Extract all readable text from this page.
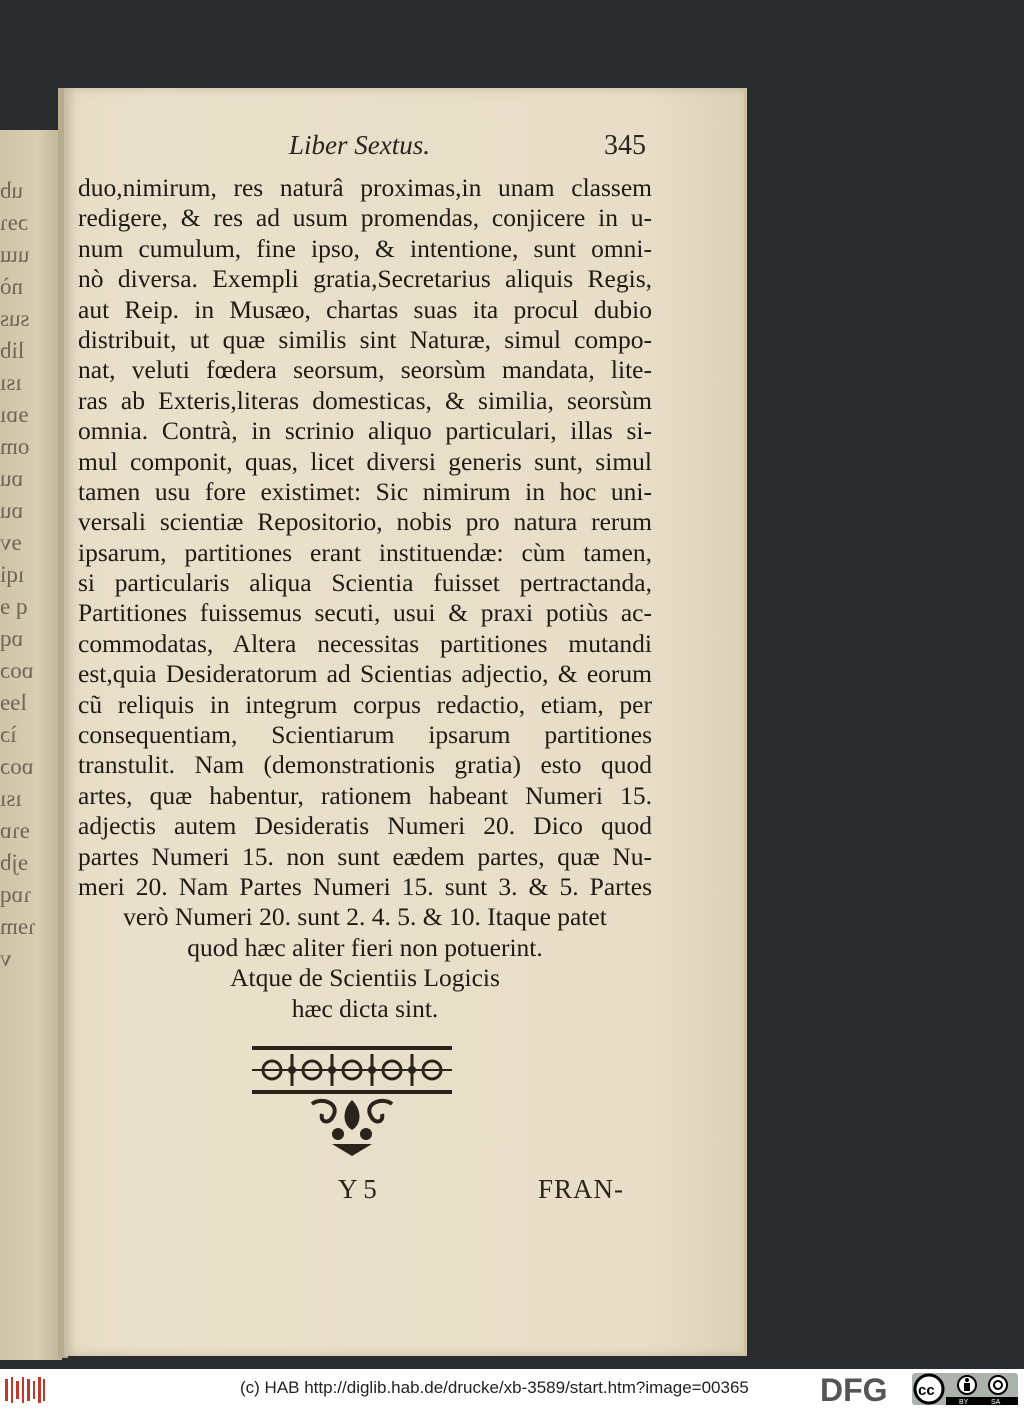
ub
ɔɘɿ
uɯ
nò
sus
lib
ısı
ɘɒı
om
ɒu
ɒu
ɘv
ıqi
q ɘ
ɒq
ɒoɔ
lɘɘ
ìɔ
ɒoɔ
ısı
ɘɿɒ
ɘjb
ɿɒq
ɿɘm
v
Liber Sextus.	345
duo,nimirum, res naturâ proximas,in unam classem
redigere, & res ad usum promendas, conjicere in u-
num cumulum, fine ipso, & intentione, sunt omni-
nò diversa. Exempli gratia,Secretarius aliquis Regis,
aut Reip. in Musæo, chartas suas ita procul dubio
distribuit, ut quæ similis sint Naturæ, simul compo-
nat, veluti fœdera seorsum, seorsùm mandata, lite-
ras ab Exteris,literas domesticas, & similia, seorsùm
omnia. Contrà, in scrinio aliquo particulari, illas si-
mul componit, quas, licet diversi generis sunt, simul
tamen usu fore existimet: Sic nimirum in hoc uni-
versali scientiæ Repositorio, nobis pro natura rerum
ipsarum, partitiones erant instituendæ: cùm tamen,
si particularis aliqua Scientia fuisset pertractanda,
Partitiones fuissemus secuti, usui & praxi potiùs ac-
commodatas, Altera necessitas partitiones mutandi
est,quia Desideratorum ad Scientias adjectio, & eorum
cũ reliquis in integrum corpus redactio, etiam, per
consequentiam, Scientiarum ipsarum partitiones
transtulit. Nam (demonstrationis gratia) esto quod
artes, quæ habentur, rationem habeant Numeri 15.
adjectis autem Desideratis Numeri 20. Dico quod
partes Numeri 15. non sunt eædem partes, quæ Nu-
meri 20. Nam Partes Numeri 15. sunt 3. & 5. Partes
verò Numeri 20. sunt 2. 4. 5. & 10. Itaque patet
quod hæc aliter fieri non potuerint.
Atque de Scientiis Logicis
hæc dicta sint.
Y 5	FRAN-
(c) HAB http://diglib.hab.de/drucke/xb-3589/start.htm?image=00365 DFG cc
BY	SA
